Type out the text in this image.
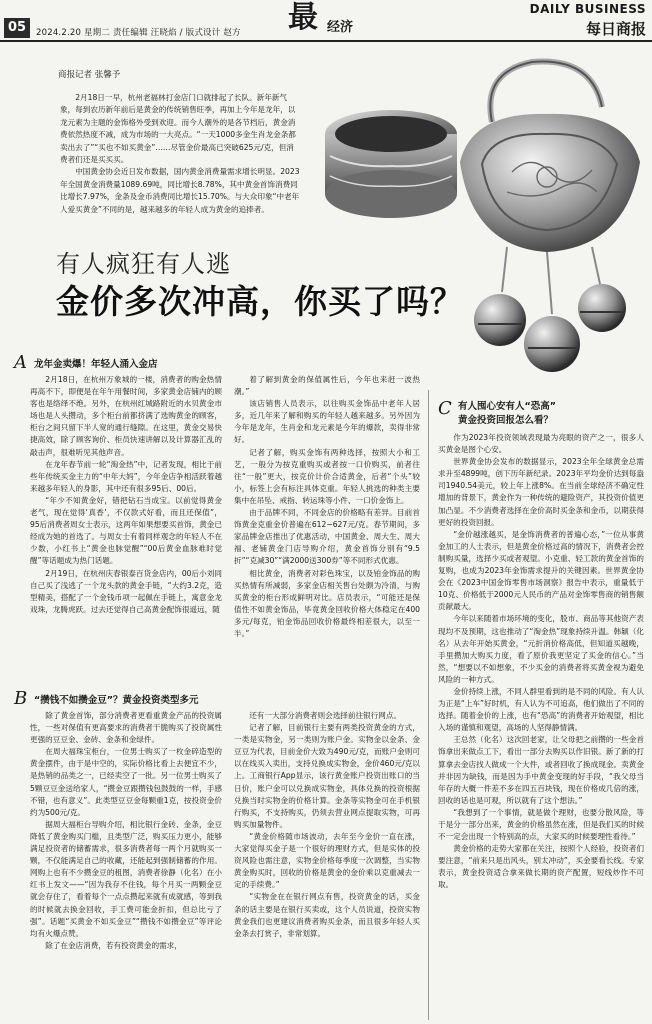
05	2024.2.20 星期二 责任编辑 汪晓焰 / 版式设计 赵方 最 经济
DAILY BUSINESS
每日商报
商报记者 张馨予

2月18日一早，杭州老福林打金店门口就排起了长队。新年新气象，每到农历新年前后是黄金的传统销售旺季，再加上今年是龙年，以龙元素为主题的金饰格外受到欢迎。而今人潮外的是各节档后，黄金消费依然热度不减，成为市场的一大亮点。“一天1000多金生肖龙金条都卖出去了”“买也不如买黄金”……尽管金价最高已突破625元/克，但消费者们还是买买买。

中国黄金协会近日发布数据，国内黄金消费量需求增长明显。2023年全国黄金消费量1089.69吨，同比增长8.78%，其中黄金首饰消费同比增长7.97%，金条及金币消费同比增长15.70%。与大众印象“中老年人爱买黄金”不同的是，越来越多的年轻人成为黄金的追捧者。

有人疯狂有人逃
金价多次冲高，你买了吗？
A 龙年金卖爆！年轻人涌入金店

2月18日，在杭州万象城的一楼，消费者的购金热情再高不下，即便是在年午用餐时间，多家黄金店铺内的顾客也是络绎不绝。另外，在杭州红城路附近的水贝黄金市场也是人头攒动，多个柜台前都挤满了选购黄金的顾客，柜台之间只留下半人宽的通行缝隙。在这里，黄金交易快捷高效，除了顾客询价、柜员快速讲解以及计算器汇乱的敲击声，很难听见其他声音。

在龙年春节前一轮“淘金热”中，记者发现，相比于前些年传统买金主力的“中年大妈”，今年金店争相活跃着越来越多年轻人的身影，其中还有很多95后、00后。

“年少不知黄金好，错把钻石当成宝。以前觉得黄金老气，现在觉得‘真香’，不仅款式好看，而且还保值”，95后消费者周女士表示，这两年如果想要买首饰，黄金已经成为她的首选了。与周女士有着同样观念的年轻人不在少数，小红书上“黄金也脉觉醒”“00后黄金血脉难时觉醒”等话题成为热门话题。

2月19日，在杭州庆春银泰百货金店内，00后小刘同自己买了浅逃了一个龙头款的黄金手链，“大约3.2克，造型精美，搭配了一个金钱币项一起佩在手链上，寓意金龙戏珠，龙腾虎跃。过去还觉得自己高黄金配饰很遥远，随

着了解到黄金的保值属性后，今年也来赶一波热潮。”

该店销售人员表示，以往购买金饰品中老年人居多，近几年来了解和购买的年轻人越来越多。另外因为今年是龙年，生肖金和龙元素是今年的爆款，卖得非常好。

记者了解，购买金饰有两种选择，按照大小和工艺，一般分为按克重购买或者按一口价购买，前者往往“一般”更大，按克价计价合适黄金，后者“个头”较小，标签上会有标注具体克重。年轻人挑选的种类主要集中在吊坠、戒指、转运珠等小件、一口价金饰上。

由于品牌不同，不同金店的价格略有差异。目前首饰黄金克重金价普遍在612~627元/克。春节期间，多家品牌金店推出了优惠活动，中国黄金、周大生、周大福、老铺黄金门店导购介绍，黄金首饰分别有“9.5折”“克减30”“满2000送300券”等不同形式优惠。

相比黄金，消费者对彩色珠宝，以及铂金饰品的购买热情有所减弱，多家金店相关售台处颇为冷清，与购买黄金的柜台形成鲜明对比。店员表示，“可能还是保值性不如黄金饰品，毕竟黄金回收价格大体稳定在400多元/每克，铂金饰品回收价格最终相差很大，以至一半。”

B “攒钱不如攒金豆”？黄金投资类型多元

除了黄金首饰，部分消费者更看重黄金产品的投资属性，一些对保值有更高要求的消费者干脆购买了投资属性更强的豆豆金、金砖、金条和金绿件。

在周大福珠宝柜台，一位男士购买了一枚金碎造型的黄金摆件，由于是中空的，实际价格比看上去便宜不少，是热销的品类之一，已经卖空了一批。另一位男士购买了5颗豆豆金送给家人，“攒金豆跟攒钱包鼓鼓的一样，手感不错，也有意义”。此类型豆豆金每颗重1克，按投资金价约为500元/克。

据周大福柜台导购介绍，相比银行金砖、金条，金豆降低了黄金购买门槛，且类型广泛，购买压力更小，能够满足投资者的储蓄需求，很多消费者每一两个月就购买一颗，不仅能满足自己的收藏，还能起到强制储蓄的作用。网购上也有不少攒金豆的租图，消费者徐静（化名）在小红书上发文——“因为我存不住钱，每个月买一两颗金豆就会存住了，看着每个一点点攒起来就有成就感，等到我的时候就去换金回收，手工费可能金折扣，但总比亏了强”。话题“买黄金不如买金豆”“攒钱不如攒金豆”等评论均有火爆点赞。

除了在金店消费，若有投资黄金的需求，

还有一大部分消费者则会选择前往银行网点。

记者了解，目前银行主要有两类投资黄金的方式，一类是实物金，另一类则为账户金。实物金以金条、金豆豆为代表，目前金价大致为490元/克，而账户金则可以在线买入卖出，支持兑换成实物金，金价460元/克以上。工商银行App显示，该行黄金账户投资出账口的当日价，账户金可以兑换成实物金，具体兑换的投资根据兑换当时实物金的价格计算。金条等实物金可在手机银行购买，不支持购买，仍须去营业网点提取实物，可再购买加量物件。

“黄金价格随市场波动，去年至今金价一直在涨，大家觉得买金子是一个很好的理财方式，但是实体的投资风险也需注意，实物金价格每季度一次调整，当实物黄金购买时，回收的价格是黄金的金价乘以克重减去一定的手续费。”

“实物金在在银行网点有售，投资黄金的话，买金条的话主要是在银行买卖或，这个人员说道，投资实物黄金我们也更建议消费者购买金条，而且很多年轻人买金条去打赏子，非常划算。

C 有人囤心安有人“恐高”
黄金投资回报怎么看？

作为2023年投资领域表现最为亮眼的资产之一，很多人买黄金是图个心安。

世界黄金协会发布的数据显示，2023全年全球黄金总需求升至4899吨，创下历年新纪录。2023年平均金价达到每盎司1940.54美元，较上年上涨8%。在当前全球经济不确定性增加的背景下，黄金作为一种传统的避险资产，其投资价值更加凸显。不少消费者选择在金价高时买金条和金币，以期获得更好的投资回报。

“金价越涨越买，是金饰消费者的普遍心态，”一位从事黄金加工的人士表示，但是黄金价格过高的情况下，消费者会控制购买量，选择少买或者观望。小克重、轻工款的黄金首饰的复购，也成为2023年金饰需求提升的关键因素。世界黄金协会在《2023中国金饰零售市场洞察》报告中表示，重量低于10克、价格低于2000元人民币的产品对金饰零售商的销售额贡献最大。

今年以来随着市场环境的变化，股市、商品等其他资产表现均不及预期，这也推动了“淘金热”现象持续升温。韩颖（化名）从去年开始买黄金，“元折消价格高低，但知道买越晚，手里攒加大购买力度，看了原价我更坚定了买金的信心。”当然，“想要以不如想象，不少买金的消费者将买黄金视为避免风险的一种方式。

金价持续上涨，不同人群里看到的是不同的风险。有人认为正是“上车”好时机，有人认为不可追高，他们做出了不同的选择。随着金价的上涨，也有“恐高”的消费者开始观望，相比入场的谨慎和观望，高场的人坚得静情满。

王总然（化名）这次回老家，让父母把之前攒的一些金首饰拿出来做点工下，看出一部分去购买以作旧银。新了新的打算拿去金店找人做成一个大件，或者回收了换成现金。卖黄金并非因为缺钱，而是因为手中黄金变现的好手段，“我父母当年存的大概一件差不多在四五百块钱，现在价格成几倍的涨，回收的话也是可观，所以就有了这个想法。”

“我想到了一个事情，就是做个理财，也要分散风险，等于是分一部分出来，黄金的价格虽然在涨，但是我们买的时候不一定会出现一个特别高的点，大家买的时候要理性看待。”

黄金价格的走势大家都在关注，按照个人经验，投资者们要注意，“前来只是出风头，别太冲动”，买金要看长线。专家表示，黄金投资适合拿来做长期的资产配置，短线炒作不可取。
